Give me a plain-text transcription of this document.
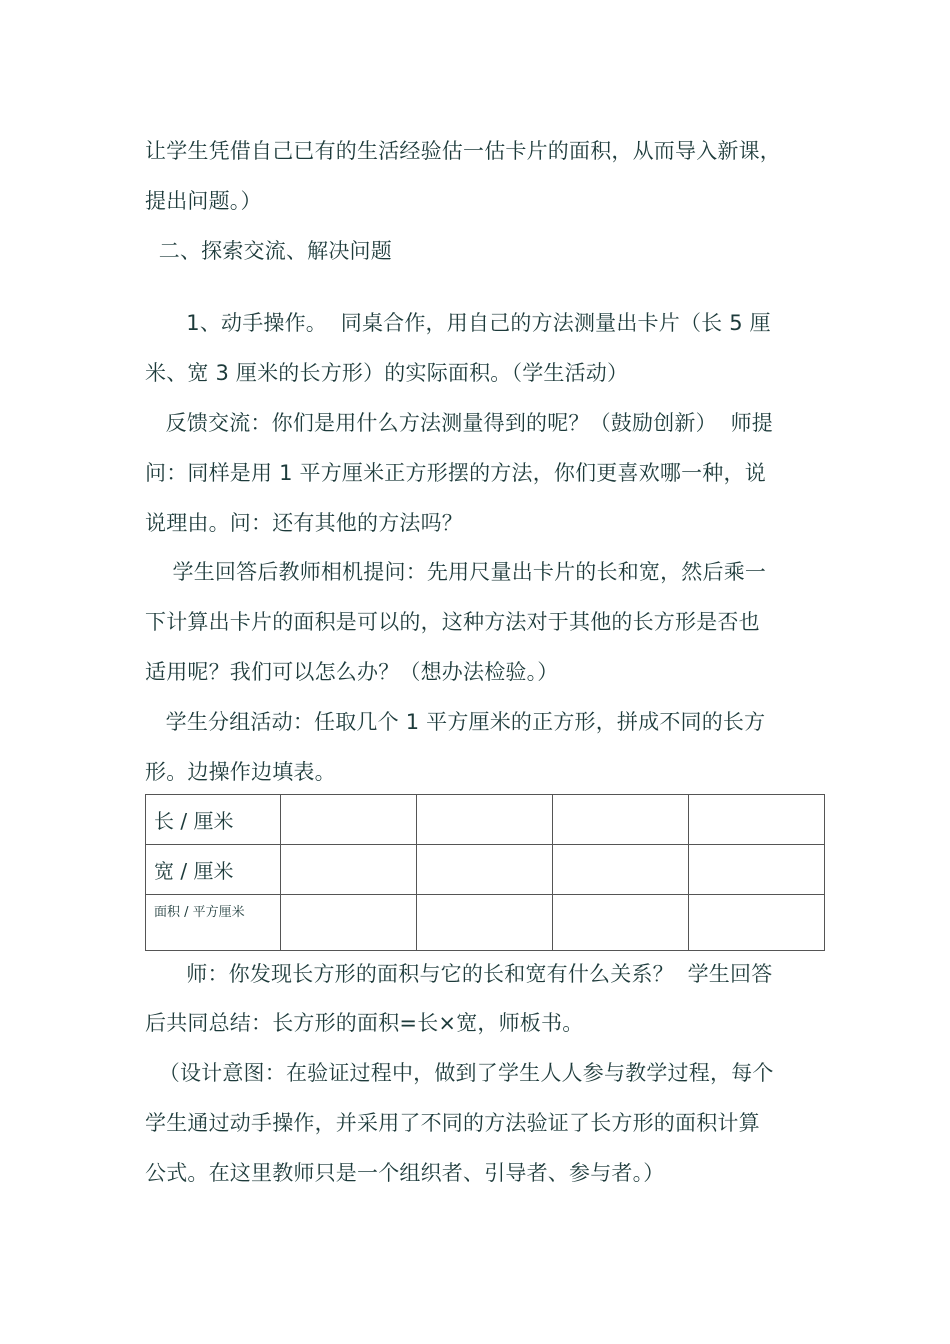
让学生凭借自己已有的生活经验估一估卡片的面积，从而导入新课，
提出问题。）
二、探索交流、解决问题
1、动手操作。  同桌合作，用自己的方法测量出卡片（长 5 厘
米、宽 3 厘米的长方形）的实际面积。（学生活动）
反馈交流：你们是用什么方法测量得到的呢？（鼓励创新）  师提
问：同样是用 1 平方厘米正方形摆的方法，你们更喜欢哪一种，说
说理由。问：还有其他的方法吗？
学生回答后教师相机提问：先用尺量出卡片的长和宽，然后乘一
下计算出卡片的面积是可以的，这种方法对于其他的长方形是否也
适用呢？我们可以怎么办？（想办法检验。）
学生分组活动：任取几个 1 平方厘米的正方形，拼成不同的长方
形。边操作边填表。
长 / 厘米				
宽 / 厘米				
面积 / 平方厘米				
师：你发现长方形的面积与它的长和宽有什么关系？  学生回答
后共同总结：长方形的面积=长×宽，师板书。
（设计意图：在验证过程中，做到了学生人人参与教学过程，每个
学生通过动手操作，并采用了不同的方法验证了长方形的面积计算
公式。在这里教师只是一个组织者、引导者、参与者。）
